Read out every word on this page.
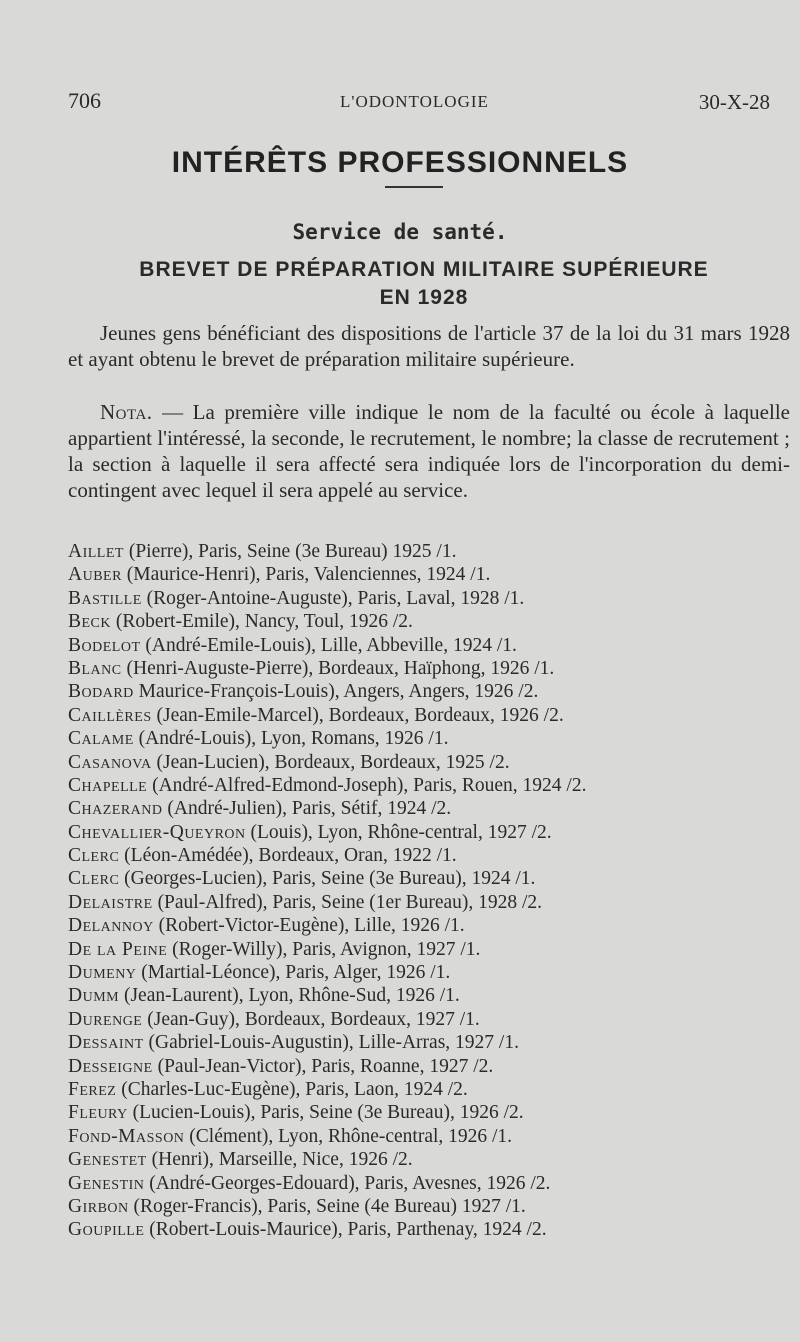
706	L'ODONTOLOGIE	30-X-28
INTÉRÊTS PROFESSIONNELS
Service de santé.
BREVET DE PRÉPARATION MILITAIRE SUPÉRIEURE
EN 1928

Jeunes gens bénéficiant des dispositions de l'article 37 de la loi du 31 mars 1928 et ayant obtenu le brevet de préparation militaire supérieure.

Nota. — La première ville indique le nom de la faculté ou école à laquelle appartient l'intéressé, la seconde, le recrutement, le nombre; la classe de recrutement ; la section à laquelle il sera affecté sera indiquée lors de l'incorporation du demi-contingent avec lequel il sera appelé au service.

Aillet (Pierre), Paris, Seine (3e Bureau) 1925 /1.
Auber (Maurice-Henri), Paris, Valenciennes, 1924 /1.
Bastille (Roger-Antoine-Auguste), Paris, Laval, 1928 /1.
Beck (Robert-Emile), Nancy, Toul, 1926 /2.
Bodelot (André-Emile-Louis), Lille, Abbeville, 1924 /1.
Blanc (Henri-Auguste-Pierre), Bordeaux, Haïphong, 1926 /1.
Bodard Maurice-François-Louis), Angers, Angers, 1926 /2.
Caillères (Jean-Emile-Marcel), Bordeaux, Bordeaux, 1926 /2.
Calame (André-Louis), Lyon, Romans, 1926 /1.
Casanova (Jean-Lucien), Bordeaux, Bordeaux, 1925 /2.
Chapelle (André-Alfred-Edmond-Joseph), Paris, Rouen, 1924 /2.
Chazerand (André-Julien), Paris, Sétif, 1924 /2.
Chevallier-Queyron (Louis), Lyon, Rhône-central, 1927 /2.
Clerc (Léon-Amédée), Bordeaux, Oran, 1922 /1.
Clerc (Georges-Lucien), Paris, Seine (3e Bureau), 1924 /1.
Delaistre (Paul-Alfred), Paris, Seine (1er Bureau), 1928 /2.
Delannoy (Robert-Victor-Eugène), Lille, 1926 /1.
De la Peine (Roger-Willy), Paris, Avignon, 1927 /1.
Dumeny (Martial-Léonce), Paris, Alger, 1926 /1.
Dumm (Jean-Laurent), Lyon, Rhône-Sud, 1926 /1.
Durenge (Jean-Guy), Bordeaux, Bordeaux, 1927 /1.
Dessaint (Gabriel-Louis-Augustin), Lille-Arras, 1927 /1.
Desseigne (Paul-Jean-Victor), Paris, Roanne, 1927 /2.
Ferez (Charles-Luc-Eugène), Paris, Laon, 1924 /2.
Fleury (Lucien-Louis), Paris, Seine (3e Bureau), 1926 /2.
Fond-Masson (Clément), Lyon, Rhône-central, 1926 /1.
Genestet (Henri), Marseille, Nice, 1926 /2.
Genestin (André-Georges-Edouard), Paris, Avesnes, 1926 /2.
Girbon (Roger-Francis), Paris, Seine (4e Bureau) 1927 /1.
Goupille (Robert-Louis-Maurice), Paris, Parthenay, 1924 /2.
